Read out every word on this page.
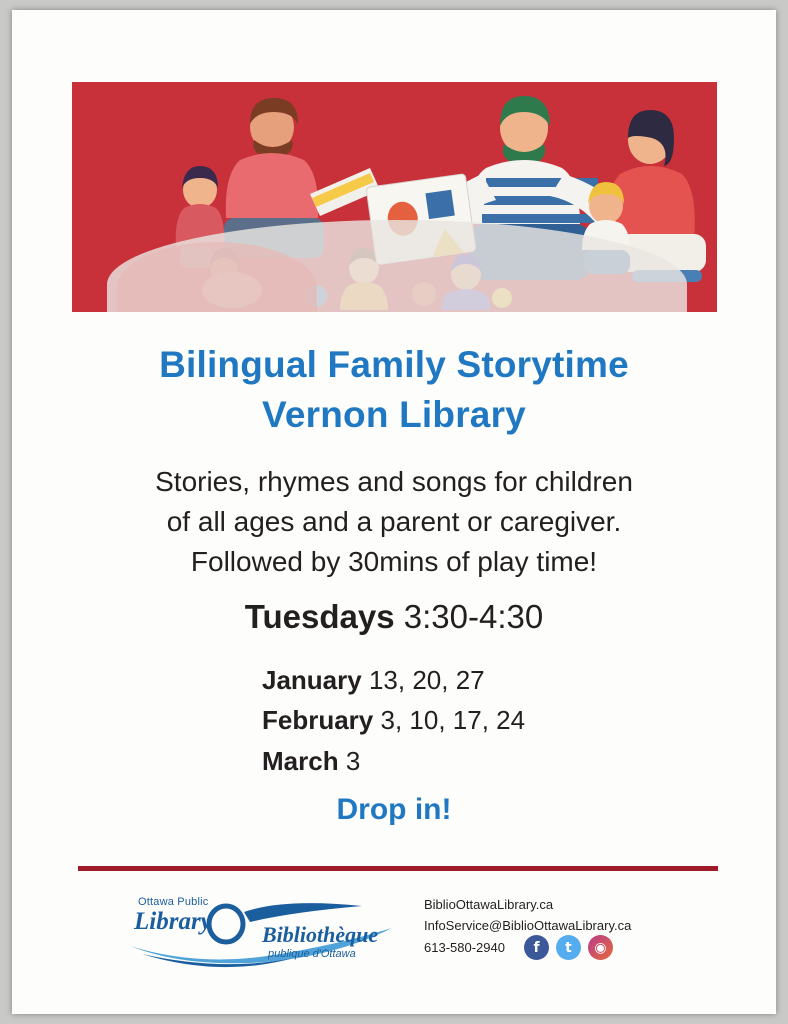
Bilingual Family Storytime
Vernon Library
Stories, rhymes and songs for children
of all ages and a parent or caregiver.
Followed by 30mins of play time!
Tuesdays 3:30-4:30
January 13, 20, 27
February 3, 10, 17, 24
March 3
Drop in!
Ottawa Public
Library Bibliothèque
publique d'Ottawa
BiblioOttawaLibrary.ca
InfoService@BiblioOttawaLibrary.ca
613-580-2940	f	t	◉
